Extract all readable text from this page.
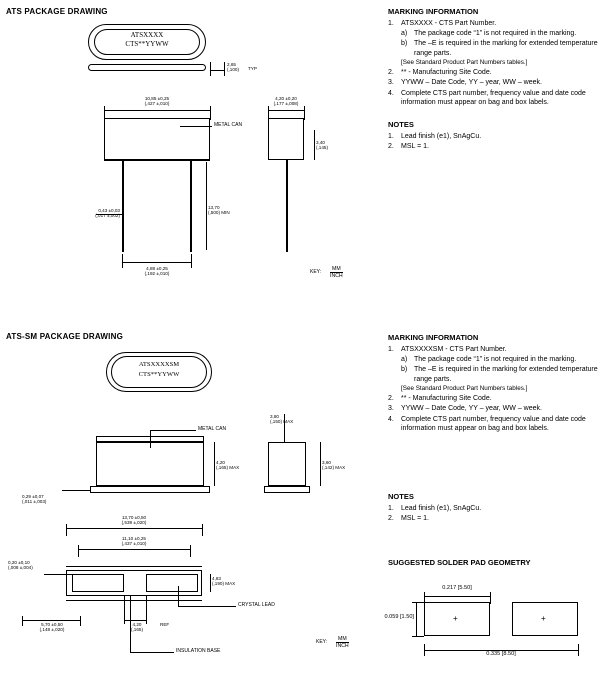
ATS PACKAGE DRAWING
ATSXXXX
CTS**YYWW
2,65
(,100)	TYP
10,85 ±0,25
(,427 ±,010)
METAL CAN
0,43 ±0,03
(,017 ±,002)
13,70
(,500) MIN
4,88 ±0,25
(,192 ±,010)
4,20 ±0,20
(,177 ±,008)
3,40
(,145)
KEY:	MM
INCH
MARKING INFORMATION
1.	ATSXXXX - CTS Part Number.
a) The package code “1” is not required in the marking.
b) The –E is required in the marking for extended temperature range parts.
[See Standard Product Part Numbers tables.]
2.	** - Manufacturing Site Code.
3.	YYWW – Date Code, YY – year, WW – week.
4.	Complete CTS part number, frequency value and date code information must appear on bag and box labels.
NOTES
1.	Lead finish (e1), SnAgCu.
2.	MSL = 1.
ATS-SM PACKAGE DRAWING
ATSXXXXSM
CTS**YYWW
METAL CAN
4,20
(,165) MAX
0,29 ±0,07
(,011 ±,003)
3,80
(,150) MAX
3,60
(,142) MAX
13,70 ±0,50
(,539 ±,020)
11,10 ±0,25
(,437 ±,010)
0,20 ±0,10
(,008 ±,004)
4,83
(,190) MAX
5,70 ±0,50
(,148 ±,020)
4,20
(,165)
REF
CRYSTAL LEAD
INSULATION BASE
KEY:	MM
INCH
MARKING INFORMATION
1.	ATSXXXXSM - CTS Part Number.
a) The package code “1” is not required in the marking.
b) The –E is required in the marking for extended temperature range parts.
[See Standard Product Part Numbers tables.]
2.	** - Manufacturing Site Code.
3.	YYWW – Date Code, YY – year, WW – week.
4.	Complete CTS part number, frequency value and date code information must appear on bag and box labels.
NOTES
1.	Lead finish (e1), SnAgCu.
2.	MSL = 1.
SUGGESTED SOLDER PAD GEOMETRY
+	+
0.217 [5.50]
0.059 [1.50]
0.335 [8.50]
